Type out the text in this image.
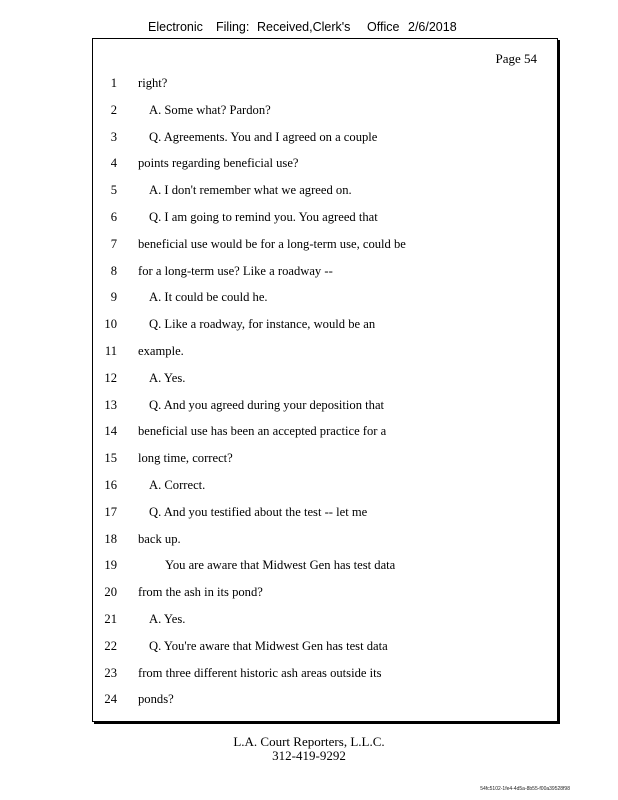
Electronic Filing: Received,Clerk's Office 2/6/2018
Page 54
1 right?
2	A. Some what? Pardon?
3	Q. Agreements. You and I agreed on a couple
4 points regarding beneficial use?
5	A. I don't remember what we agreed on.
6	Q. I am going to remind you. You agreed that
7 beneficial use would be for a long-term use, could be
8 for a long-term use? Like a roadway --
9	A. It could be could he.
10	Q. Like a roadway, for instance, would be an
11 example.
12	A. Yes.
13	Q. And you agreed during your deposition that
14 beneficial use has been an accepted practice for a
15 long time, correct?
16	A. Correct.
17	Q. And you testified about the test -- let me
18 back up.
19	You are aware that Midwest Gen has test data
20 from the ash in its pond?
21	A. Yes.
22	Q. You're aware that Midwest Gen has test data
23 from three different historic ash areas outside its
24 ponds?
L.A. Court Reporters, L.L.C.
312-419-9292
54fc5102-1fe4-4d5a-8b55-f00a39528f98
